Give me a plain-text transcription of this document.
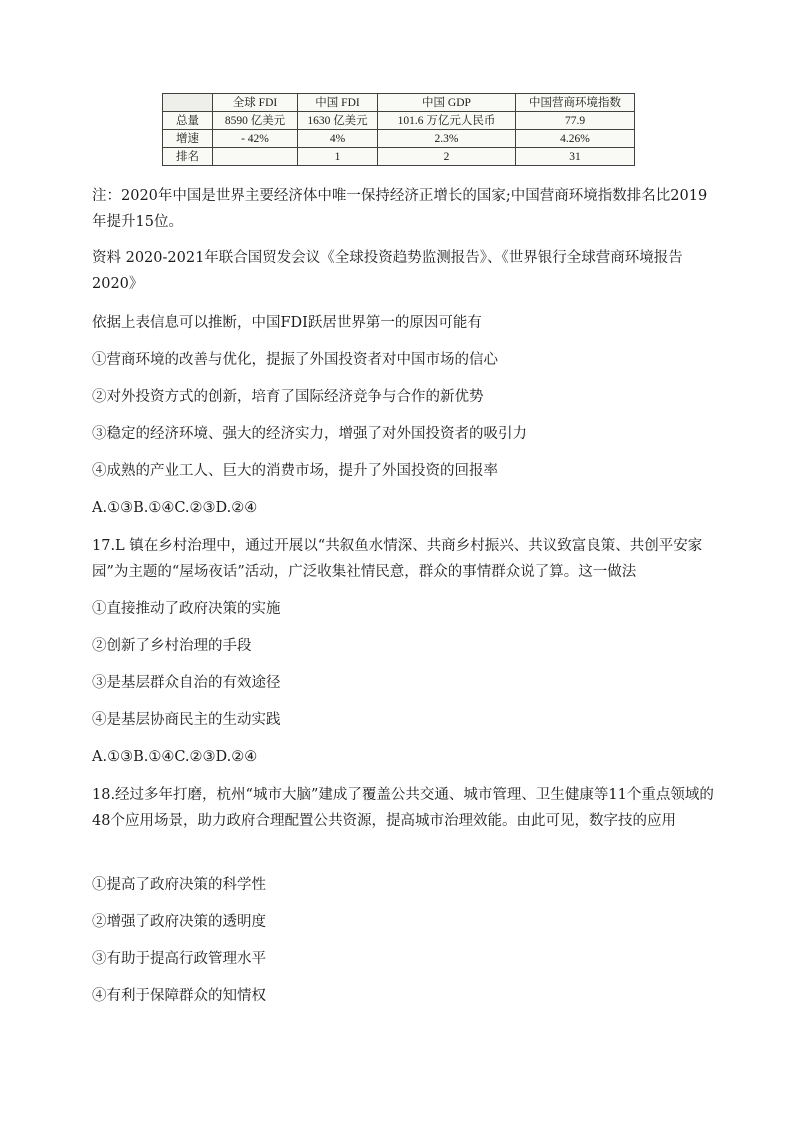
	全球 FDI	中国 FDI	中国 GDP	中国营商环境指数
总量	8590 亿美元	1630 亿美元	101.6 万亿元人民币	77.9
增速	- 42%	4%	2.3%	4.26%
排名		1	2	31
注：2020年中国是世界主要经济体中唯一保持经济正增长的国家;中国营商环境指数排名比2019年提升15位。
资料 2020-2021年联合国贸发会议《全球投资趋势监测报告》、《世界银行全球营商环境报告2020》
依据上表信息可以推断，中国FDI跃居世界第一的原因可能有
①营商环境的改善与优化，提振了外国投资者对中国市场的信心
②对外投资方式的创新，培育了国际经济竞争与合作的新优势
③稳定的经济环境、强大的经济实力，增强了对外国投资者的吸引力
④成熟的产业工人、巨大的消费市场，提升了外国投资的回报率
A.①③B.①④C.②③D.②④
17.L 镇在乡村治理中，通过开展以“共叙鱼水情深、共商乡村振兴、共议致富良策、共创平安家园”为主题的“屋场夜话”活动，广泛收集社情民意，群众的事情群众说了算。这一做法
①直接推动了政府决策的实施
②创新了乡村治理的手段
③是基层群众自治的有效途径
④是基层协商民主的生动实践
A.①③B.①④C.②③D.②④
18.经过多年打磨，杭州“城市大脑”建成了覆盖公共交通、城市管理、卫生健康等11个重点领域的48个应用场景，助力政府合理配置公共资源，提高城市治理效能。由此可见，数字技的应用
①提高了政府决策的科学性
②增强了政府决策的透明度
③有助于提高行政管理水平
④有利于保障群众的知情权
